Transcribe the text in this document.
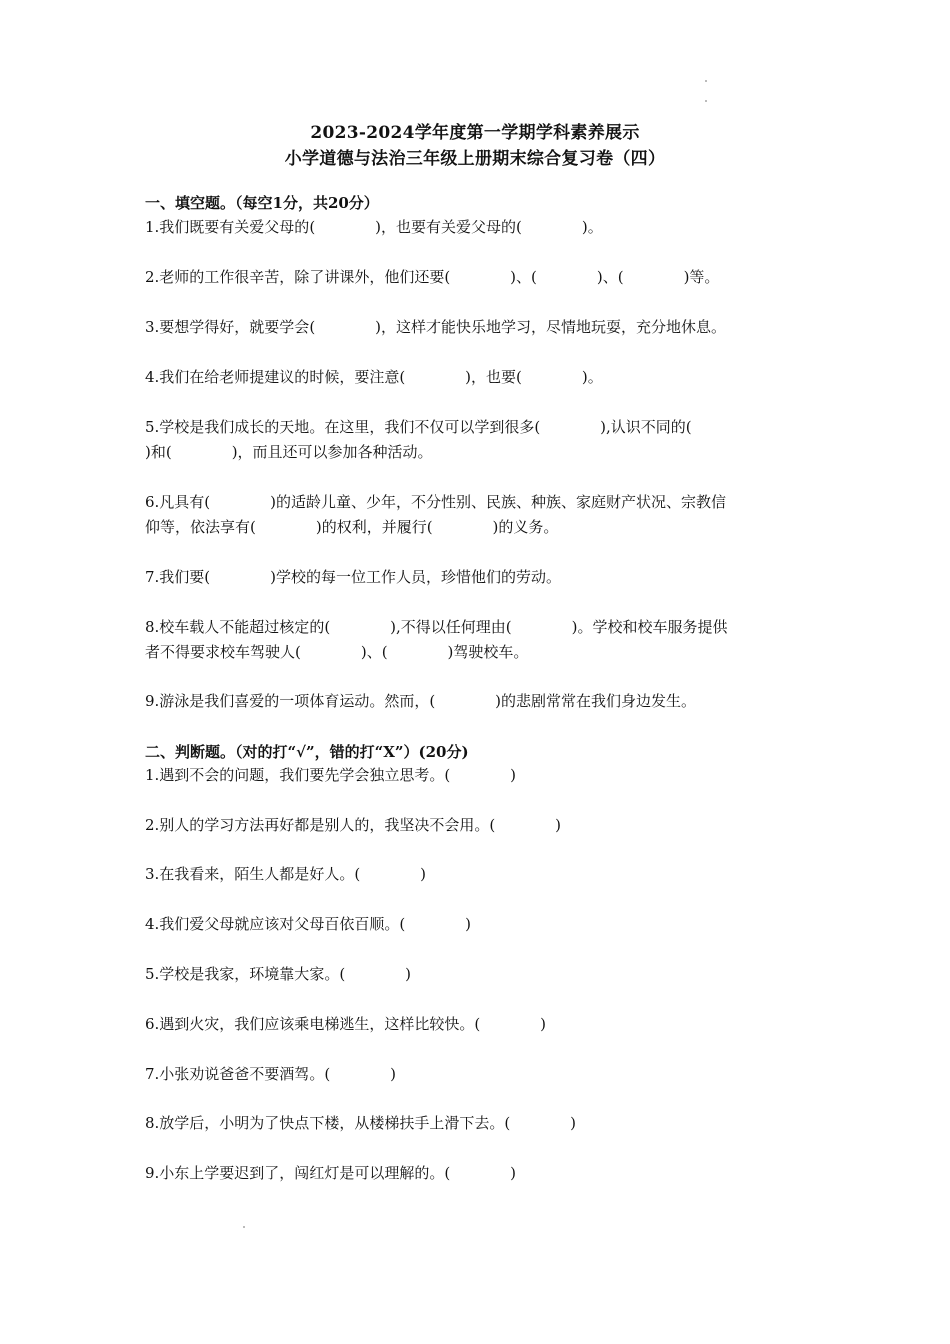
2023-2024学年度第一学期学科素养展示
小学道德与法治三年级上册期末综合复习卷（四）
一、填空题。（每空1分，共20分）
1.我们既要有关爱父母的(　　　　)，也要有关爱父母的(　　　　)。
2.老师的工作很辛苦，除了讲课外，他们还要(　　　　)、(　　　　)、(　　　　)等。
3.要想学得好，就要学会(　　　　)，这样才能快乐地学习，尽情地玩耍，充分地休息。
4.我们在给老师提建议的时候，要注意(　　　　)，也要(　　　　)。
5.学校是我们成长的天地。在这里，我们不仅可以学到很多(　　　　),认识不同的(
)和(　　　　)，而且还可以参加各种活动。
6.凡具有(　　　　)的适龄儿童、少年，不分性别、民族、种族、家庭财产状况、宗教信
仰等，依法享有(　　　　)的权利，并履行(　　　　)的义务。
7.我们要(　　　　)学校的每一位工作人员，珍惜他们的劳动。
8.校车载人不能超过核定的(　　　　),不得以任何理由(　　　　)。学校和校车服务提供
者不得要求校车驾驶人(　　　　)、(　　　　)驾驶校车。
9.游泳是我们喜爱的一项体育运动。然而，(　　　　)的悲剧常常在我们身边发生。
二、判断题。（对的打“√”，错的打“X”）(20分)
1.遇到不会的问题，我们要先学会独立思考。(　　　　)
2.别人的学习方法再好都是别人的，我坚决不会用。(　　　　)
3.在我看来，陌生人都是好人。(　　　　)
4.我们爱父母就应该对父母百依百顺。(　　　　)
5.学校是我家，环境靠大家。(　　　　)
6.遇到火灾，我们应该乘电梯逃生，这样比较快。(　　　　)
7.小张劝说爸爸不要酒驾。(　　　　)
8.放学后，小明为了快点下楼，从楼梯扶手上滑下去。(　　　　)
9.小东上学要迟到了，闯红灯是可以理解的。(　　　　)
